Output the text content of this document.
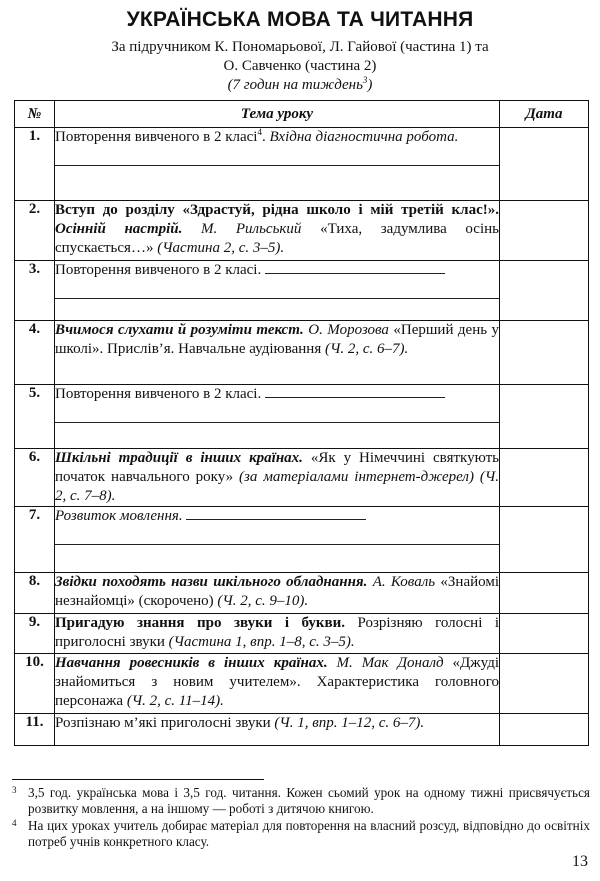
УКРАЇНСЬКА МОВА ТА ЧИТАННЯ
За підручником К. Пономарьової, Л. Гайової (частина 1) та
О. Савченко (частина 2)
(7 годин на тиждень$^3$)
№	Тема уроку	Дата
1.	Повторення вивченого в 2 класі$^4$. Вхідна діагностична робота.	

2.	Вступ до розділу «Здрастуй, рідна школо і мій третій клас!». Осінній настрій. М. Рильський «Тиха, задумлива осінь спускається…» (Частина 2, с. 3–5).	

3.	Повторення вивченого в 2 класі.	

4.	Вчимося слухати й розуміти текст. О. Морозова «Перший день у школі». Прислів’я. Навчальне аудіювання (Ч. 2, с. 6–7).	

5.	Повторення вивченого в 2 класі.	

6.	Шкільні традиції в інших країнах. «Як у Німеччині святкують початок навчального року» (за матеріалами інтернет-джерел) (Ч. 2, с. 7–8).	

7.	Розвиток мовлення.	

8.	Звідки походять назви шкільного обладнання. А. Коваль «Знайомі незнайомці» (скорочено) (Ч. 2, с. 9–10).	

9.	Пригадую знання про звуки і букви. Розрізняю голосні і приголосні звуки (Частина 1, впр. 1–8, с. 3–5).	

10.	Навчання ровесників в інших країнах. М. Мак Доналд «Джуді знайомиться з новим учителем». Характеристика головного персонажа (Ч. 2, с. 11–14).	

11.	Розпізнаю м’які приголосні звуки (Ч. 1, впр. 1–12, с. 6–7).	

3 3,5 год. українська мова і 3,5 год. читання. Кожен сьомий урок на одному тижні присвячується розвитку мовлення, а на іншому — роботі з дитячою книгою.
4 На цих уроках учитель добирає матеріал для повторення на власний розсуд, відповідно до освітніх потреб учнів конкретного класу.
13
